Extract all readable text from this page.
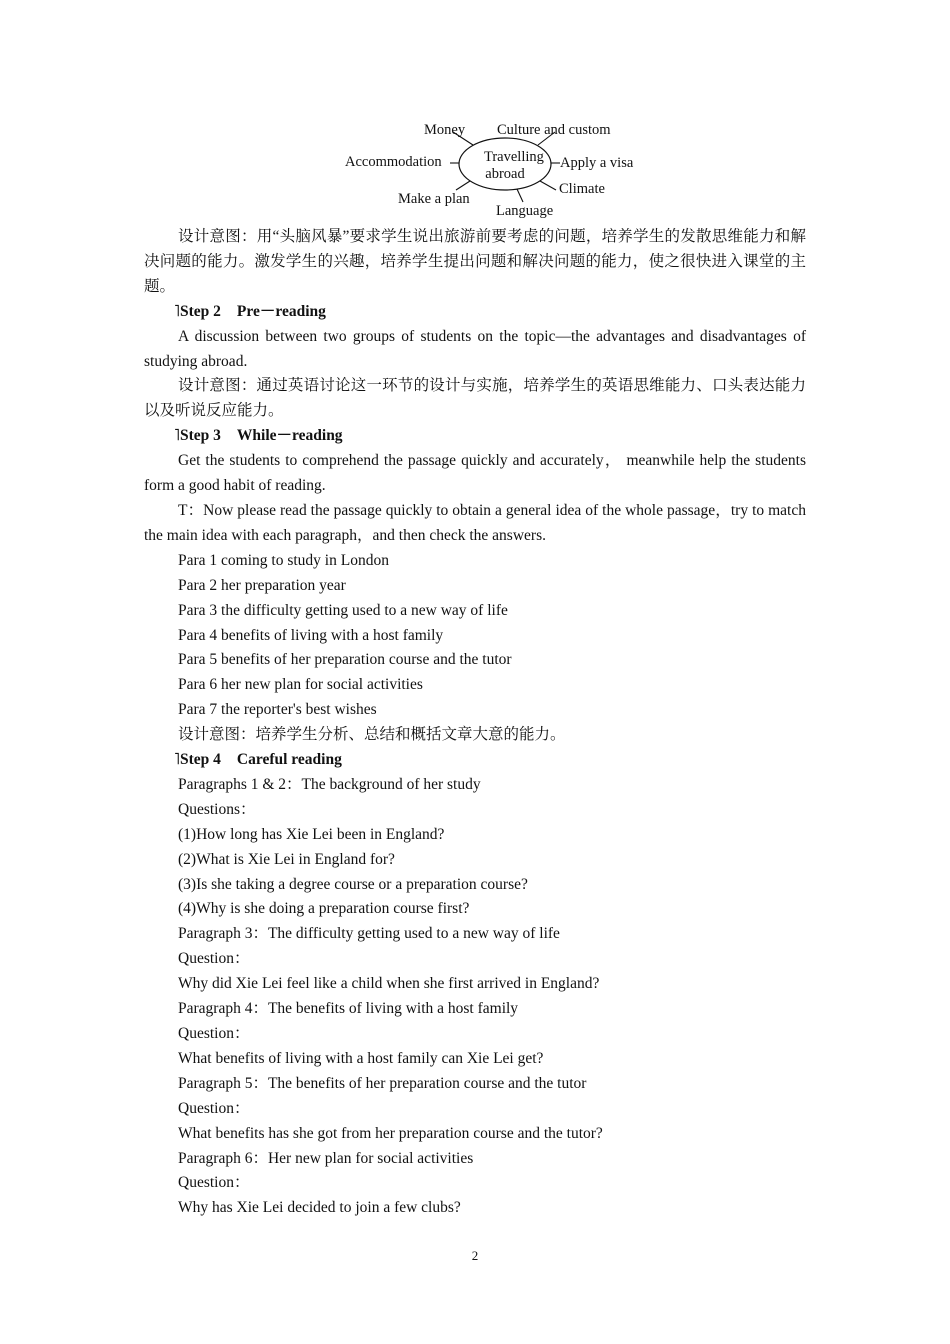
Travelling
abroad
Money Culture and custom
Accommodation	Apply a visa
Make a plan
Climate
Language

设计意图：用“头脑风暴”要求学生说出旅游前要考虑的问题，培养学生的发散思维能力和解决问题的能力。激发学生的兴趣，培养学生提出问题和解决问题的能力，使之很快进入课堂的主题。

˥Step 2 Pre－reading

A discussion between two groups of students on the topic—the advantages and disadvantages of studying abroad.

设计意图：通过英语讨论这一环节的设计与实施，培养学生的英语思维能力、口头表达能力以及听说反应能力。

˥Step 3 While－reading

Get the students to comprehend the passage quickly and accurately， meanwhile help the students form a good habit of reading.

T：Now please read the passage quickly to obtain a general idea of the whole passage，try to match the main idea with each paragraph，and then check the answers.

Para 1 coming to study in London

Para 2 her preparation year

Para 3 the difficulty getting used to a new way of life

Para 4 benefits of living with a host family

Para 5 benefits of her preparation course and the tutor

Para 6 her new plan for social activities

Para 7 the reporter's best wishes

设计意图：培养学生分析、总结和概括文章大意的能力。

˥Step 4 Careful reading

Paragraphs 1 & 2：The background of her study

Questions：

(1)How long has Xie Lei been in England?

(2)What is Xie Lei in England for?

(3)Is she taking a degree course or a preparation course?

(4)Why is she doing a preparation course first?

Paragraph 3：The difficulty getting used to a new way of life

Question：

Why did Xie Lei feel like a child when she first arrived in England?

Paragraph 4：The benefits of living with a host family

Question：

What benefits of living with a host family can Xie Lei get?

Paragraph 5：The benefits of her preparation course and the tutor

Question：

What benefits has she got from her preparation course and the tutor?

Paragraph 6：Her new plan for social activities

Question：

Why has Xie Lei decided to join a few clubs?

2
